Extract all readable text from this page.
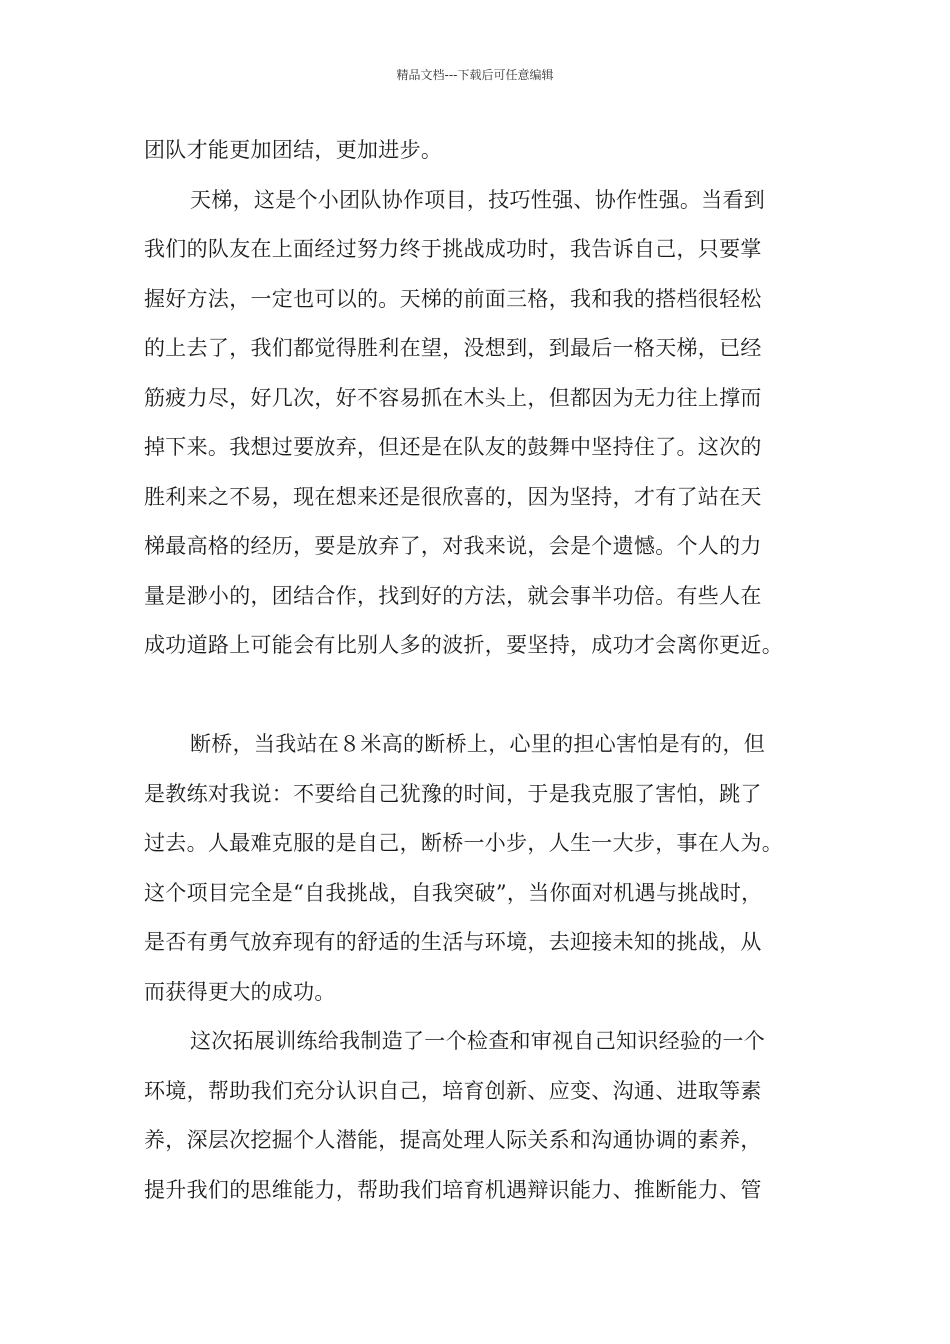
精品文档---下载后可任意编辑
团队才能更加团结，更加进步。
天梯，这是个小团队协作项目，技巧性强、协作性强。当看到
我们的队友在上面经过努力终于挑战成功时，我告诉自己，只要掌
握好方法，一定也可以的。天梯的前面三格，我和我的搭档很轻松
的上去了，我们都觉得胜利在望，没想到，到最后一格天梯，已经
筋疲力尽，好几次，好不容易抓在木头上，但都因为无力往上撑而
掉下来。我想过要放弃，但还是在队友的鼓舞中坚持住了。这次的
胜利来之不易，现在想来还是很欣喜的，因为坚持，才有了站在天
梯最高格的经历，要是放弃了，对我来说，会是个遗憾。个人的力
量是渺小的，团结合作，找到好的方法，就会事半功倍。有些人在
成功道路上可能会有比别人多的波折，要坚持，成功才会离你更近。
断桥，当我站在８米高的断桥上，心里的担心害怕是有的，但
是教练对我说：不要给自己犹豫的时间，于是我克服了害怕，跳了
过去。人最难克服的是自己，断桥一小步，人生一大步，事在人为。
这个项目完全是“自我挑战，自我突破”，当你面对机遇与挑战时，
是否有勇气放弃现有的舒适的生活与环境，去迎接未知的挑战，从
而获得更大的成功。
这次拓展训练给我制造了一个检查和审视自己知识经验的一个
环境，帮助我们充分认识自己，培育创新、应变、沟通、进取等素
养，深层次挖掘个人潜能，提高处理人际关系和沟通协调的素养，
提升我们的思维能力，帮助我们培育机遇辩识能力、推断能力、管
